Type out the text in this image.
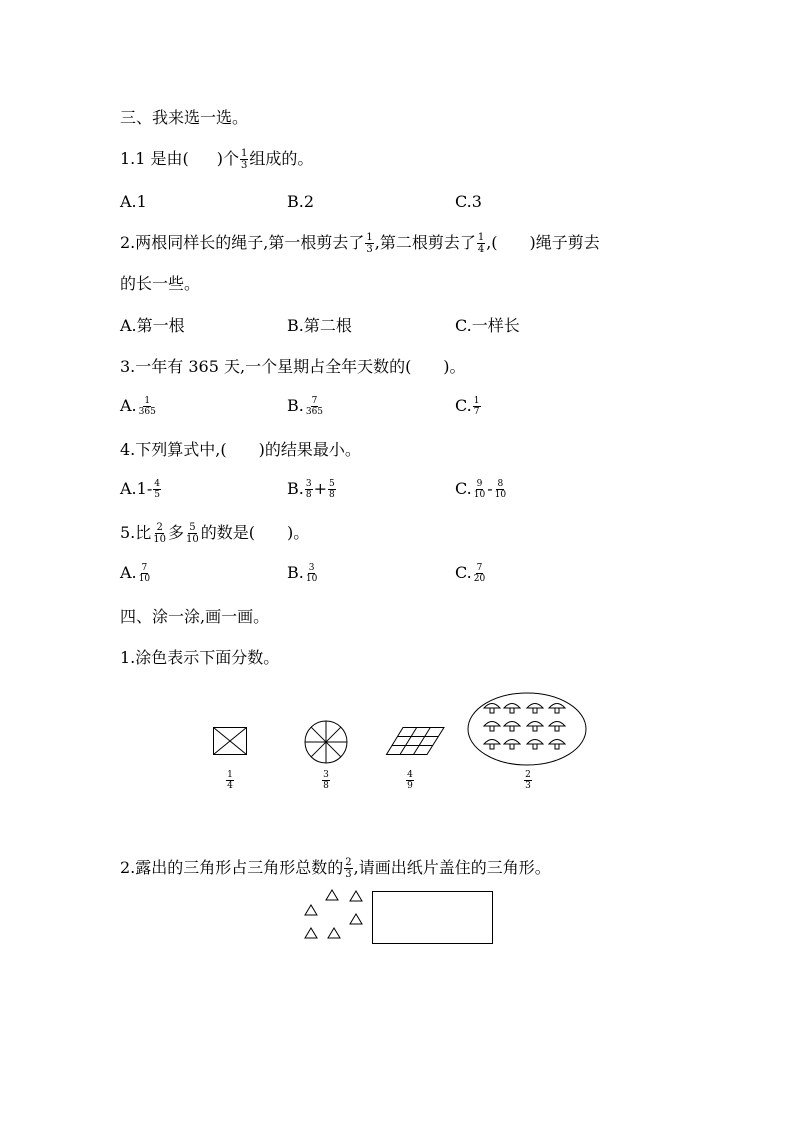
三、我来选一选。
1.1 是由( )个 $\frac{1}{3}$ 组成的。
A.1	B.2	C.3
2.两根同样长的绳子,第一根剪去了 $\frac{1}{3}$ ,第二根剪去了 $\frac{1}{4}$ ,(　　)绳子剪去
的长一些。
A.第一根	B.第二根	C.一样长
3.一年有 365 天,一个星期占全年天数的(　　)。
A. $\frac{1}{365}$	B. $\frac{7}{365}$	C. $\frac{1}{7}$
4.下列算式中,(　　)的结果最小。
$A.1- \frac{4}{5}$	B. $\frac{3}{8} + \frac{5}{8}$	C. $\frac{9}{10} - \frac{8}{10}$
5.比 $\frac{2}{10}$ 多 $\frac{5}{10}$ 的数是(　　)。
A. $\frac{7}{10}$	B. $\frac{3}{10}$	C. $\frac{7}{20}$
四、涂一涂,画一画。
1.涂色表示下面分数。
$\frac{1}{4}$	$\frac{3}{8}$	$\frac{4}{9}$	$\frac{2}{3}$
2.露出的三角形占三角形总数的 $\frac{2}{3}$ ,请画出纸片盖住的三角形。
